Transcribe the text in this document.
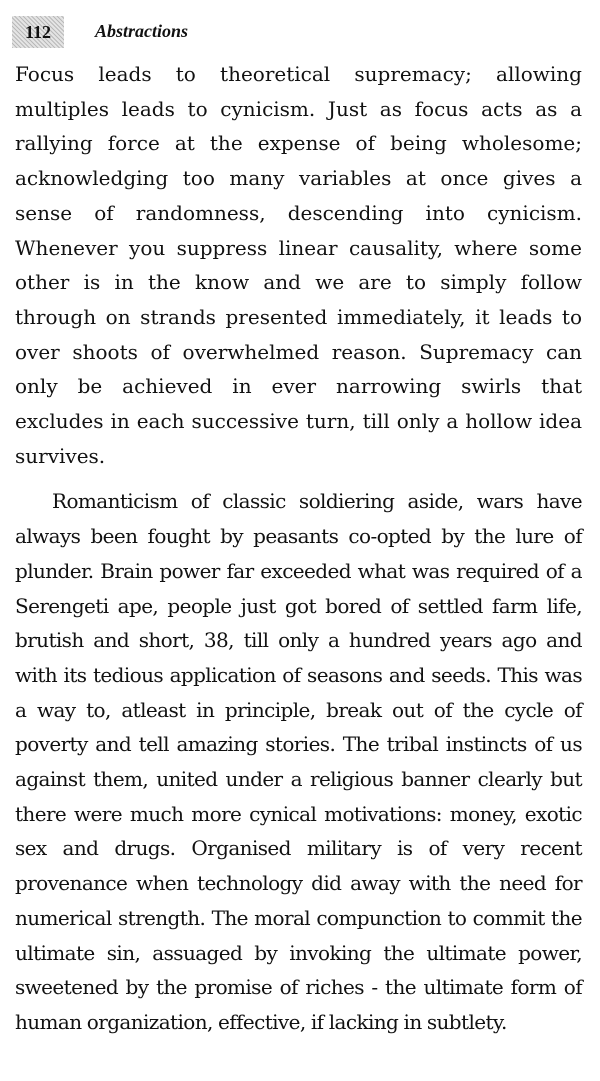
112	Abstractions

Focus leads to theoretical supremacy; allowing multiples leads to cynicism. Just as focus acts as a rallying force at the expense of being wholesome; acknowledging too many variables at once gives a sense of randomness, descending into cynicism. Whenever you suppress linear causality, where some other is in the know and we are to simply follow through on strands presented immediately, it leads to over shoots of overwhelmed reason. Supremacy can only be achieved in ever narrowing swirls that excludes in each successive turn, till only a hollow idea survives.

Romanticism of classic soldiering aside, wars have always been fought by peasants co-opted by the lure of plunder. Brain power far exceeded what was required of a Serengeti ape, people just got bored of settled farm life, brutish and short, 38, till only a hundred years ago and with its tedious application of seasons and seeds. This was a way to, atleast in principle, break out of the cycle of poverty and tell amazing stories. The tribal instincts of us against them, united under a religious banner clearly but there were much more cynical motivations: money, exotic sex and drugs. Organised military is of very recent provenance when technology did away with the need for numerical strength. The moral compunction to commit the ultimate sin, assuaged by invoking the ultimate power, sweetened by the promise of riches - the ultimate form of human organization, effective, if lacking in subtlety.
